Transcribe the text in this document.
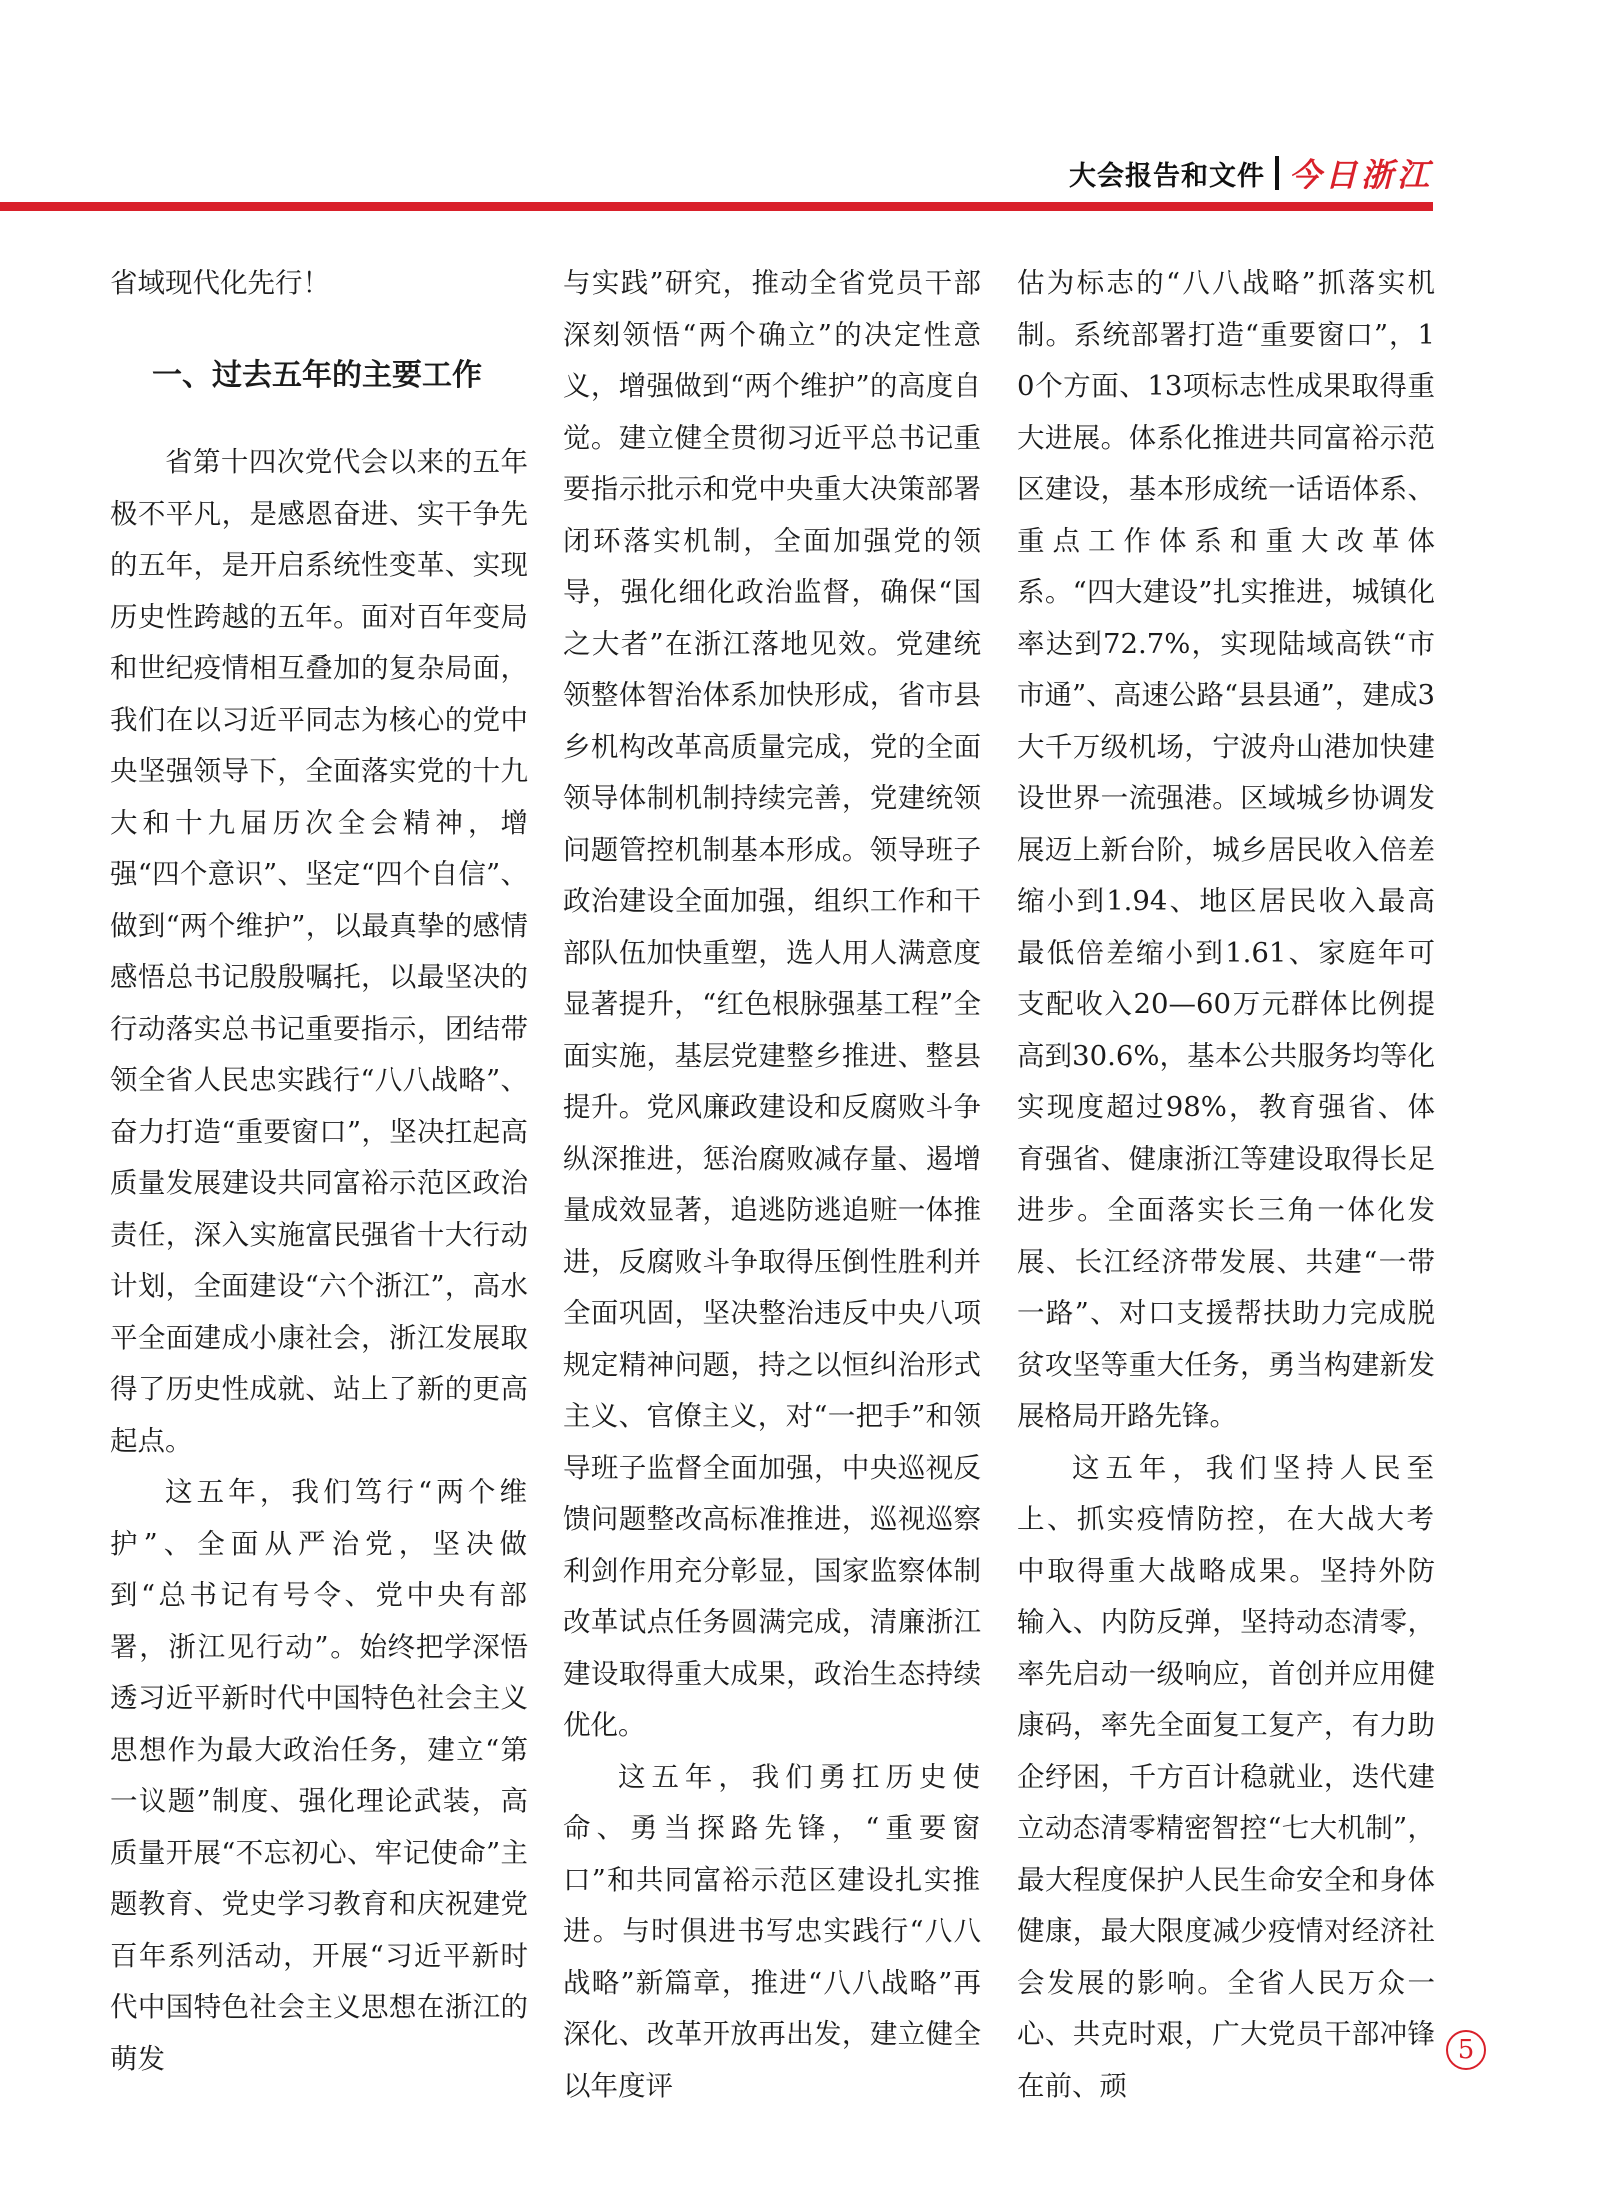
大会报告和文件 今日浙江

省域现代化先行！

一、过去五年的主要工作

省第十四次党代会以来的五年极不平凡，是感恩奋进、实干争先的五年，是开启系统性变革、实现历史性跨越的五年。面对百年变局和世纪疫情相互叠加的复杂局面，我们在以习近平同志为核心的党中央坚强领导下，全面落实党的十九大和十九届历次全会精神，增强“四个意识”、坚定“四个自信”、做到“两个维护”，以最真挚的感情感悟总书记殷殷嘱托，以最坚决的行动落实总书记重要指示，团结带领全省人民忠实践行“八八战略”、奋力打造“重要窗口”，坚决扛起高质量发展建设共同富裕示范区政治责任，深入实施富民强省十大行动计划，全面建设“六个浙江”，高水平全面建成小康社会，浙江发展取得了历史性成就、站上了新的更高起点。

这五年，我们笃行“两个维护”、全面从严治党，坚决做到“总书记有号令、党中央有部署，浙江见行动”。始终把学深悟透习近平新时代中国特色社会主义思想作为最大政治任务，建立“第一议题”制度、强化理论武装，高质量开展“不忘初心、牢记使命”主题教育、党史学习教育和庆祝建党百年系列活动，开展“习近平新时代中国特色社会主义思想在浙江的萌发

与实践”研究，推动全省党员干部深刻领悟“两个确立”的决定性意义，增强做到“两个维护”的高度自觉。建立健全贯彻习近平总书记重要指示批示和党中央重大决策部署闭环落实机制，全面加强党的领导，强化细化政治监督，确保“国之大者”在浙江落地见效。党建统领整体智治体系加快形成，省市县乡机构改革高质量完成，党的全面领导体制机制持续完善，党建统领问题管控机制基本形成。领导班子政治建设全面加强，组织工作和干部队伍加快重塑，选人用人满意度显著提升，“红色根脉强基工程”全面实施，基层党建整乡推进、整县提升。党风廉政建设和反腐败斗争纵深推进，惩治腐败减存量、遏增量成效显著，追逃防逃追赃一体推进，反腐败斗争取得压倒性胜利并全面巩固，坚决整治违反中央八项规定精神问题，持之以恒纠治形式主义、官僚主义，对“一把手”和领导班子监督全面加强，中央巡视反馈问题整改高标准推进，巡视巡察利剑作用充分彰显，国家监察体制改革试点任务圆满完成，清廉浙江建设取得重大成果，政治生态持续优化。

这五年，我们勇扛历史使命、勇当探路先锋，“重要窗口”和共同富裕示范区建设扎实推进。与时俱进书写忠实践行“八八战略”新篇章，推进“八八战略”再深化、改革开放再出发，建立健全以年度评

估为标志的“八八战略”抓落实机制。系统部署打造“重要窗口”，10个方面、13项标志性成果取得重大进展。体系化推进共同富裕示范区建设，基本形成统一话语体系、重点工作体系和重大改革体系。“四大建设”扎实推进，城镇化率达到72.7%，实现陆域高铁“市市通”、高速公路“县县通”，建成3大千万级机场，宁波舟山港加快建设世界一流强港。区域城乡协调发展迈上新台阶，城乡居民收入倍差缩小到1.94、地区居民收入最高最低倍差缩小到1.61、家庭年可支配收入20—60万元群体比例提高到30.6%，基本公共服务均等化实现度超过98%，教育强省、体育强省、健康浙江等建设取得长足进步。全面落实长三角一体化发展、长江经济带发展、共建“一带一路”、对口支援帮扶助力完成脱贫攻坚等重大任务，勇当构建新发展格局开路先锋。

这五年，我们坚持人民至上、抓实疫情防控，在大战大考中取得重大战略成果。坚持外防输入、内防反弹，坚持动态清零，率先启动一级响应，首创并应用健康码，率先全面复工复产，有力助企纾困，千方百计稳就业，迭代建立动态清零精密智控“七大机制”，最大程度保护人民生命安全和身体健康，最大限度减少疫情对经济社会发展的影响。全省人民万众一心、共克时艰，广大党员干部冲锋在前、顽

5
